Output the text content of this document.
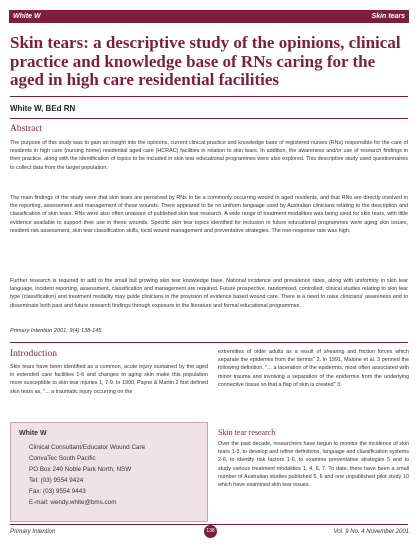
White W	Skin tears
Skin tears: a descriptive study of the opinions, clinical practice and knowledge base of RNs caring for the aged in high care residential facilities
White W, BEd RN
Abstract

The purpose of this study was to gain an insight into the opinions, current clinical practice and knowledge base of registered nurses (RNs) responsible for the care of residents in high care (nursing home) residential aged care (HCRAC) facilities in relation to skin tears. In addition, the awareness and/or use of research findings in their practice, along with the identification of topics to be included in skin tear educational programmes were also explored. This descriptive study used questionnaires to collect data from the target population.

The main findings of the study were that skin tears are perceived by RNs to be a commonly occurring wound in aged residents, and that RNs are directly involved in the reporting, assessment and management of these wounds. There appeared to be no uniform language used by Australian clinicians relating to the description and classification of skin tears. RNs were also often unaware of published skin tear research. A wide range of treatment modalities was being used for skin tears, with little evidence available to support their use in these wounds. Specific skin tear topics identified for inclusion in future educational programmes were aging skin issues, resident risk assessment, skin tear classification skills, local wound management and preventative strategies. The non-response rate was high.

Further research is required to add to the small but growing skin tear knowledge base. National incidence and prevalence rates, along with uniformity in skin tear language, incident reporting, assessment, classification and management are required. Future prospective, randomised, controlled, clinical studies relating to skin tear type (classification) and treatment modality may guide clinicians in the provision of evidence based wound care. There is a need to raise clinicians' awareness and to disseminate both past and future research findings through exposure to the literature and formal educational programmes.

Primary Intention 2001; 9(4):138-145.
Introduction

Skin tears have been identified as a common, acute injury sustained by the aged in extended care facilities 1-6 and changes to aging skin make this population more susceptible to skin tear injuries 1, 7-9. In 1990, Payne & Martin 2 first defined skin tears as, "... a traumatic injury occurring on the

extremities of older adults as a result of shearing and friction forces which separate the epidermis from the dermis" 2. In 1991, Malone et al. 3 penned the following definition, "... a laceration of the epidermis, most often associated with minor trauma and involving a separation of the epidermis from the underlying connective tissue so that a flap of skin is created" 3.

Skin tear research

Over the past decade, researchers have begun to monitor the incidence of skin tears 1-3, to develop and refine definitions, language and classification systems 2-6, to identify risk factors 1-6, to examine preventative strategies 5 and to study various treatment modalities 1, 4, 6, 7. To date, there have been a small number of Australian studies published 5, 6 and one unpublished pilot study 10 which have examined skin tear issues.

White W
Clinical Consultant/Educator Wound Care
ConvaTec South Pacific
PO Box 240 Noble Park North, NSW
Tel: (03) 9554 9424
Fax: (03) 9554 9443
E-mail: wendy.white@bms.com
Primary Intention	138	Vol. 9 No. 4 November 2001
